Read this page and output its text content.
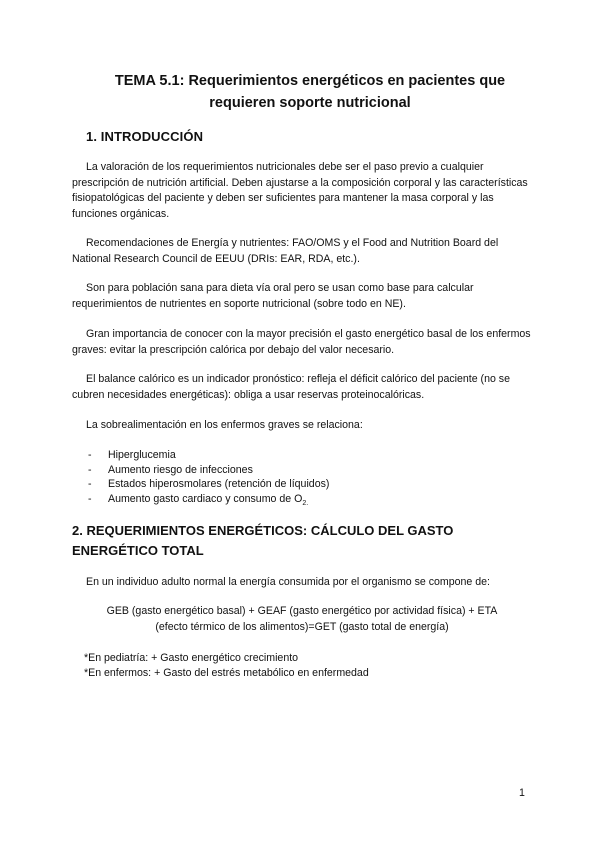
TEMA 5.1: Requerimientos energéticos en pacientes que
requieren soporte nutricional
1. INTRODUCCIÓN

La valoración de los requerimientos nutricionales debe ser el paso previo a cualquier prescripción de nutrición artificial. Deben ajustarse a la composición corporal y las características fisiopatológicas del paciente y deben ser suficientes para mantener la masa corporal y las funciones orgánicas.

Recomendaciones de Energía y nutrientes: FAO/OMS y el Food and Nutrition Board del National Research Council de EEUU (DRIs: EAR, RDA, etc.).

Son para población sana para dieta vía oral pero se usan como base para calcular requerimientos de nutrientes en soporte nutricional (sobre todo en NE).

Gran importancia de conocer con la mayor precisión el gasto energético basal de los enfermos graves: evitar la prescripción calórica por debajo del valor necesario.

El balance calórico es un indicador pronóstico: refleja el déficit calórico del paciente (no se cubren necesidades energéticas): obliga a usar reservas proteinocalóricas.

La sobrealimentación en los enfermos graves se relaciona:

- Hiperglucemia
- Aumento riesgo de infecciones
- Estados hiperosmolares (retención de líquidos)
- Aumento gasto cardiaco y consumo de $O_{2.}$
2. REQUERIMIENTOS ENERGÉTICOS: CÁLCULO DEL GASTO ENERGÉTICO TOTAL

En un individuo adulto normal la energía consumida por el organismo se compone de:

GEB (gasto energético basal) + GEAF (gasto energético por actividad física) + ETA
(efecto térmico de los alimentos)=GET (gasto total de energía)
*En pediatría: + Gasto energético crecimiento
*En enfermos: + Gasto del estrés metabólico en enfermedad
1
